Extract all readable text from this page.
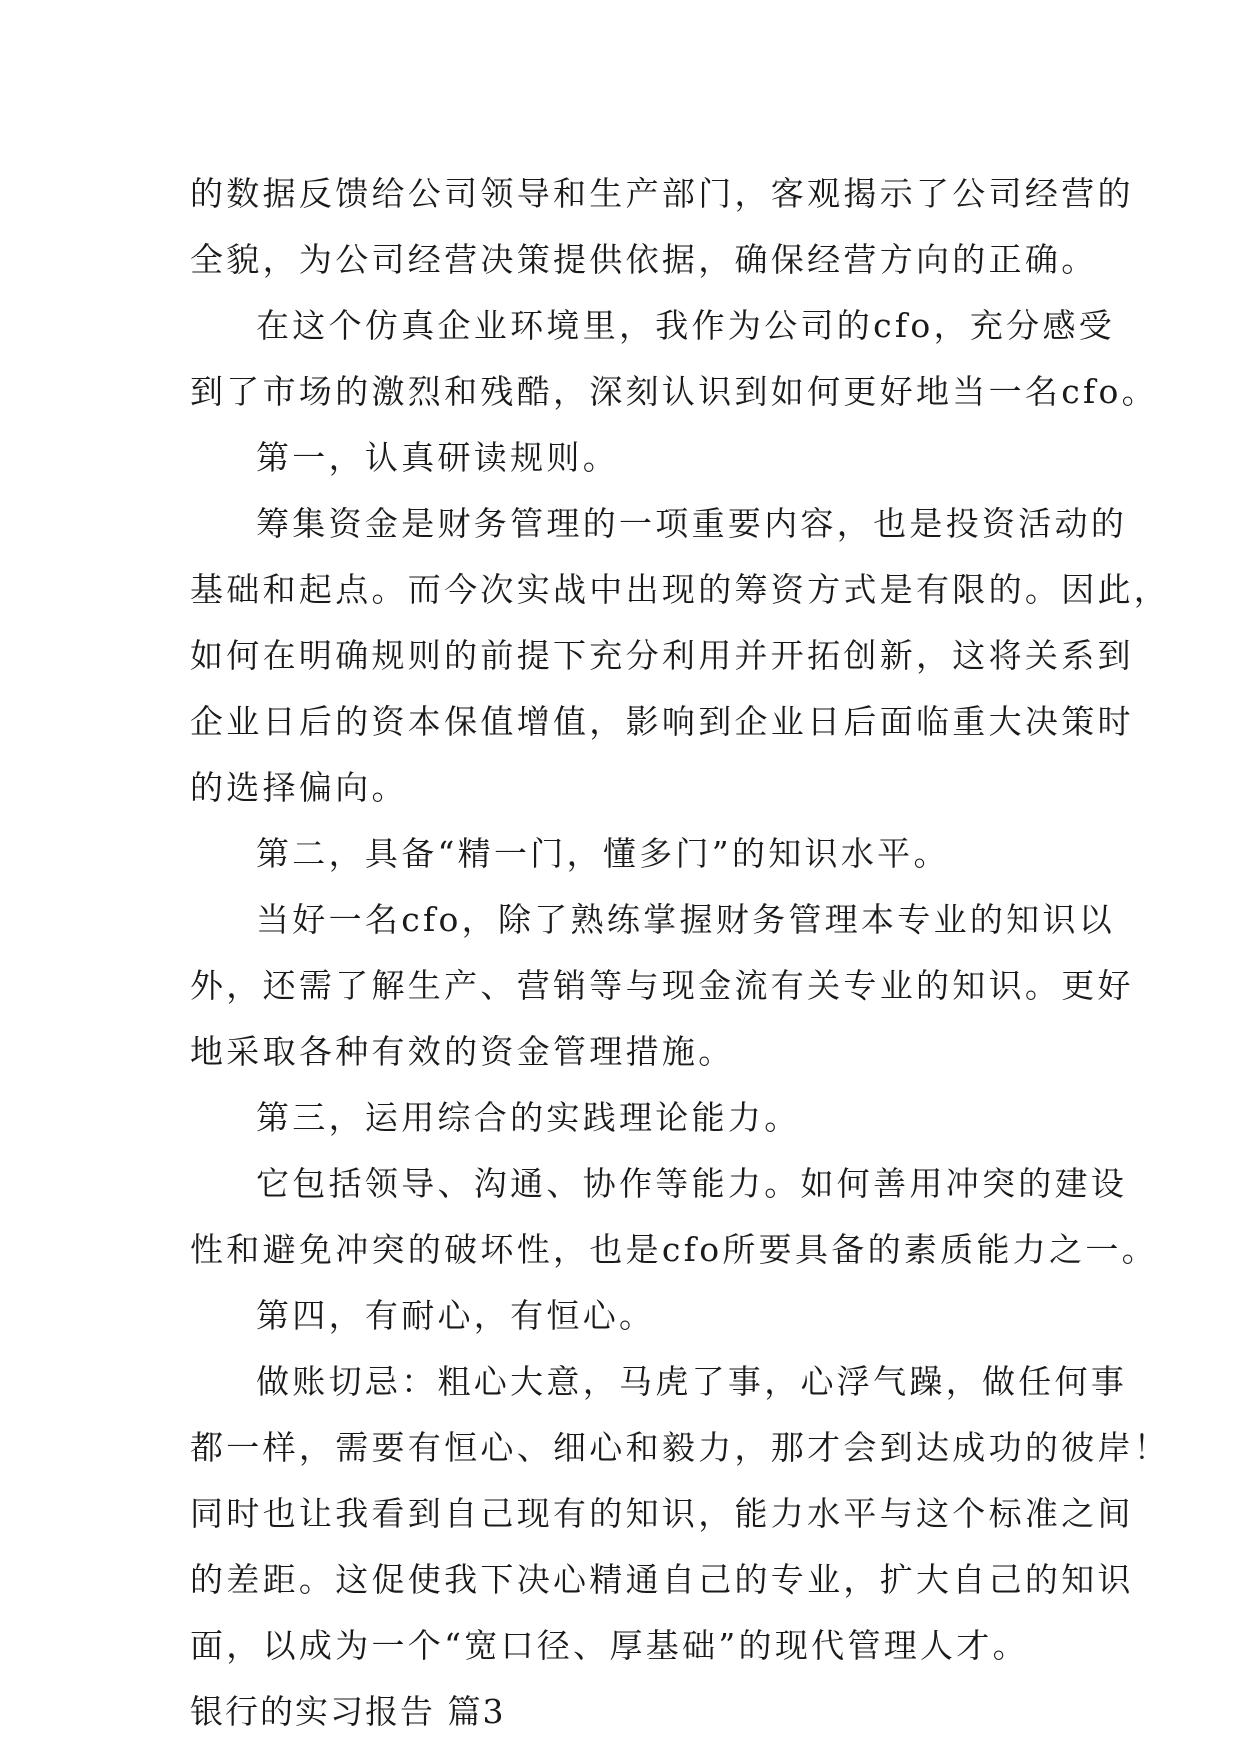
的数据反馈给公司领导和生产部门，客观揭示了公司经营的
全貌，为公司经营决策提供依据，确保经营方向的正确。
在这个仿真企业环境里，我作为公司的cfo，充分感受
到了市场的激烈和残酷，深刻认识到如何更好地当一名cfo。
第一，认真研读规则。
筹集资金是财务管理的一项重要内容，也是投资活动的
基础和起点。而今次实战中出现的筹资方式是有限的。因此，
如何在明确规则的前提下充分利用并开拓创新，这将关系到
企业日后的资本保值增值，影响到企业日后面临重大决策时
的选择偏向。
第二，具备“精一门，懂多门”的知识水平。
当好一名cfo，除了熟练掌握财务管理本专业的知识以
外，还需了解生产、营销等与现金流有关专业的知识。更好
地采取各种有效的资金管理措施。
第三，运用综合的实践理论能力。
它包括领导、沟通、协作等能力。如何善用冲突的建设
性和避免冲突的破坏性，也是cfo所要具备的素质能力之一。
第四，有耐心，有恒心。
做账切忌：粗心大意，马虎了事，心浮气躁，做任何事
都一样，需要有恒心、细心和毅力，那才会到达成功的彼岸！
同时也让我看到自己现有的知识，能力水平与这个标准之间
的差距。这促使我下决心精通自己的专业，扩大自己的知识
面，以成为一个“宽口径、厚基础”的现代管理人才。
银行的实习报告 篇3
